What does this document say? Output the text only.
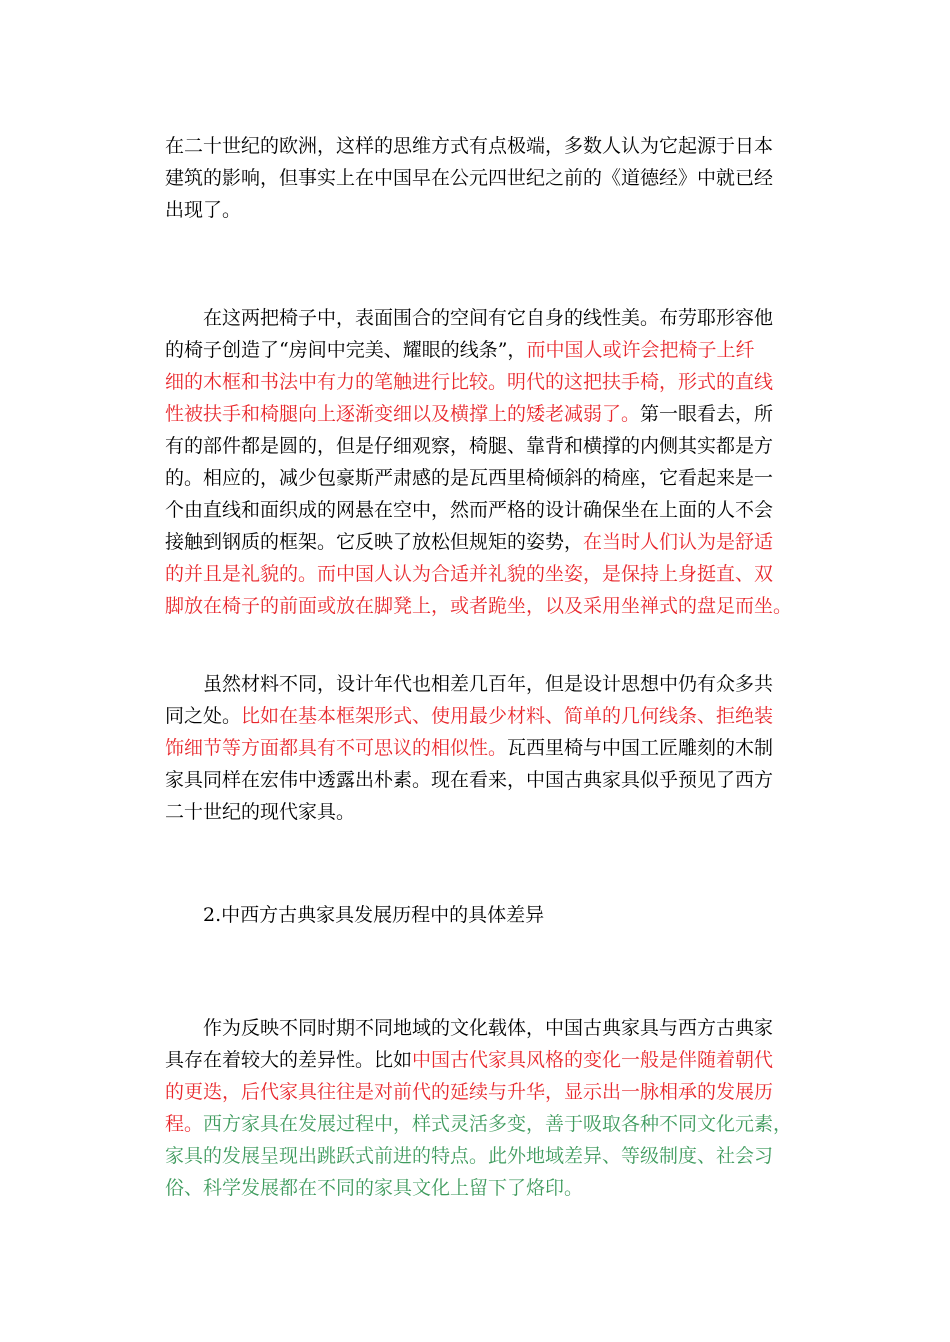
在二十世纪的欧洲，这样的思维方式有点极端，多数人认为它起源于日本
建筑的影响，但事实上在中国早在公元四世纪之前的《道德经》中就已经
出现了。
在这两把椅子中，表面围合的空间有它自身的线性美。布劳耶形容他
的椅子创造了“房间中完美、耀眼的线条”，而中国人或许会把椅子上纤
细的木框和书法中有力的笔触进行比较。明代的这把扶手椅，形式的直线
性被扶手和椅腿向上逐渐变细以及横撑上的矮老减弱了。第一眼看去，所
有的部件都是圆的，但是仔细观察，椅腿、靠背和横撑的内侧其实都是方
的。相应的，减少包豪斯严肃感的是瓦西里椅倾斜的椅座，它看起来是一
个由直线和面织成的网悬在空中，然而严格的设计确保坐在上面的人不会
接触到钢质的框架。它反映了放松但规矩的姿势，在当时人们认为是舒适
的并且是礼貌的。而中国人认为合适并礼貌的坐姿，是保持上身挺直、双
脚放在椅子的前面或放在脚凳上，或者跪坐，以及采用坐禅式的盘足而坐。
虽然材料不同，设计年代也相差几百年，但是设计思想中仍有众多共
同之处。比如在基本框架形式、使用最少材料、简单的几何线条、拒绝装
饰细节等方面都具有不可思议的相似性。瓦西里椅与中国工匠雕刻的木制
家具同样在宏伟中透露出朴素。现在看来，中国古典家具似乎预见了西方
二十世纪的现代家具。
2.中西方古典家具发展历程中的具体差异
作为反映不同时期不同地域的文化载体，中国古典家具与西方古典家
具存在着较大的差异性。比如中国古代家具风格的变化一般是伴随着朝代
的更迭，后代家具往往是对前代的延续与升华，显示出一脉相承的发展历
程。西方家具在发展过程中，样式灵活多变，善于吸取各种不同文化元素，
家具的发展呈现出跳跃式前进的特点。此外地域差异、等级制度、社会习
俗、科学发展都在不同的家具文化上留下了烙印。
